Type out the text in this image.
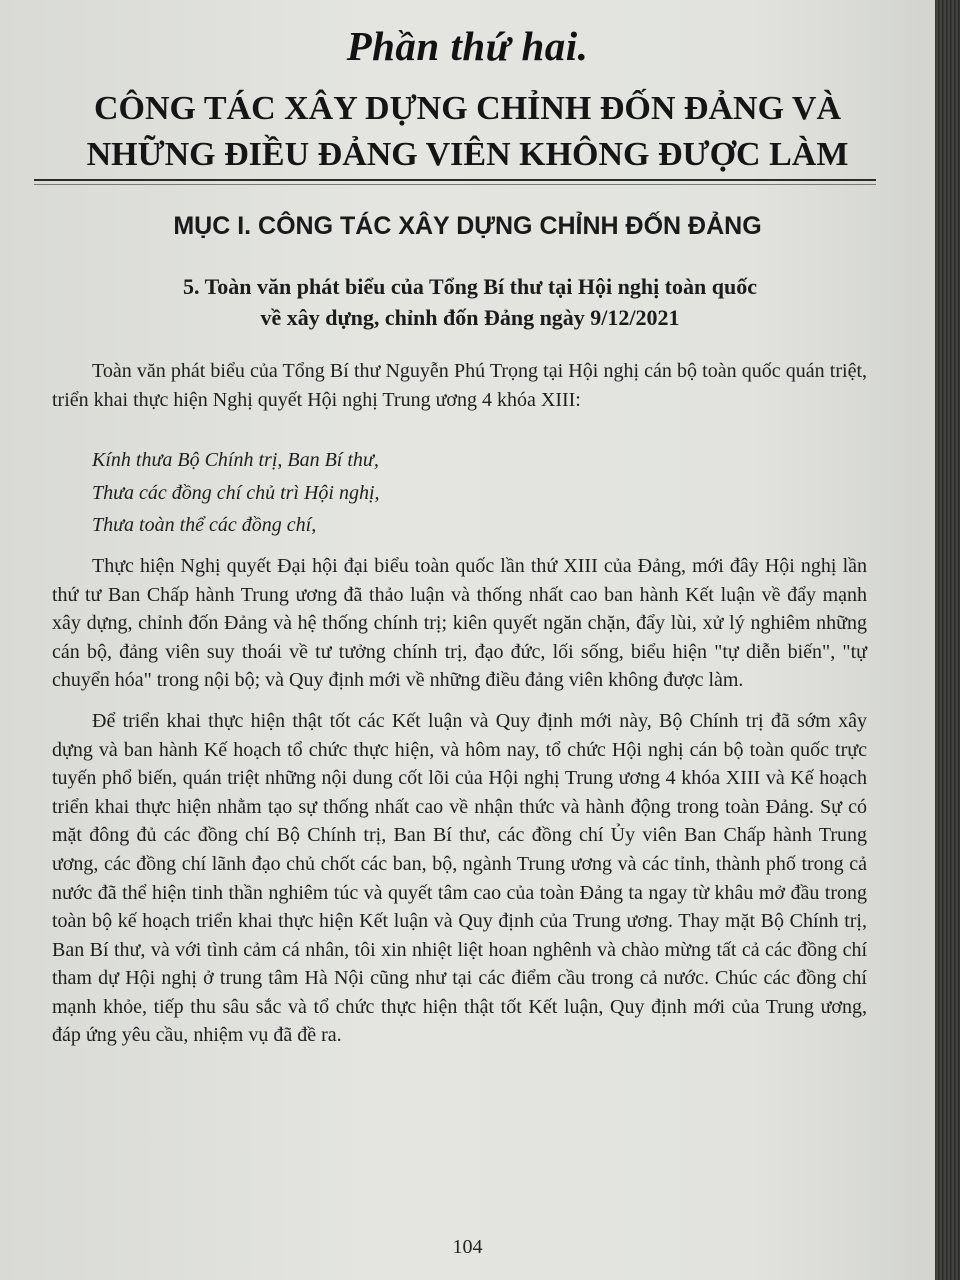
Phần thứ hai.
CÔNG TÁC XÂY DỰNG CHỈNH ĐỐN ĐẢNG VÀ
NHỮNG ĐIỀU ĐẢNG VIÊN KHÔNG ĐƯỢC LÀM
MỤC I. CÔNG TÁC XÂY DỰNG CHỈNH ĐỐN ĐẢNG
5. Toàn văn phát biểu của Tổng Bí thư tại Hội nghị toàn quốc
về xây dựng, chỉnh đốn Đảng ngày 9/12/2021

Toàn văn phát biểu của Tổng Bí thư Nguyễn Phú Trọng tại Hội nghị cán bộ toàn quốc quán triệt, triển khai thực hiện Nghị quyết Hội nghị Trung ương 4 khóa XIII:

Kính thưa Bộ Chính trị, Ban Bí thư,
Thưa các đồng chí chủ trì Hội nghị,
Thưa toàn thể các đồng chí,

Thực hiện Nghị quyết Đại hội đại biểu toàn quốc lần thứ XIII của Đảng, mới đây Hội nghị lần thứ tư Ban Chấp hành Trung ương đã thảo luận và thống nhất cao ban hành Kết luận về đẩy mạnh xây dựng, chỉnh đốn Đảng và hệ thống chính trị; kiên quyết ngăn chặn, đẩy lùi, xử lý nghiêm những cán bộ, đảng viên suy thoái về tư tưởng chính trị, đạo đức, lối sống, biểu hiện "tự diễn biến", "tự chuyển hóa" trong nội bộ; và Quy định mới về những điều đảng viên không được làm.

Để triển khai thực hiện thật tốt các Kết luận và Quy định mới này, Bộ Chính trị đã sớm xây dựng và ban hành Kế hoạch tổ chức thực hiện, và hôm nay, tổ chức Hội nghị cán bộ toàn quốc trực tuyến phổ biến, quán triệt những nội dung cốt lõi của Hội nghị Trung ương 4 khóa XIII và Kế hoạch triển khai thực hiện nhằm tạo sự thống nhất cao về nhận thức và hành động trong toàn Đảng. Sự có mặt đông đủ các đồng chí Bộ Chính trị, Ban Bí thư, các đồng chí Ủy viên Ban Chấp hành Trung ương, các đồng chí lãnh đạo chủ chốt các ban, bộ, ngành Trung ương và các tỉnh, thành phố trong cả nước đã thể hiện tinh thần nghiêm túc và quyết tâm cao của toàn Đảng ta ngay từ khâu mở đầu trong toàn bộ kế hoạch triển khai thực hiện Kết luận và Quy định của Trung ương. Thay mặt Bộ Chính trị, Ban Bí thư, và với tình cảm cá nhân, tôi xin nhiệt liệt hoan nghênh và chào mừng tất cả các đồng chí tham dự Hội nghị ở trung tâm Hà Nội cũng như tại các điểm cầu trong cả nước. Chúc các đồng chí mạnh khỏe, tiếp thu sâu sắc và tổ chức thực hiện thật tốt Kết luận, Quy định mới của Trung ương, đáp ứng yêu cầu, nhiệm vụ đã đề ra.

104
